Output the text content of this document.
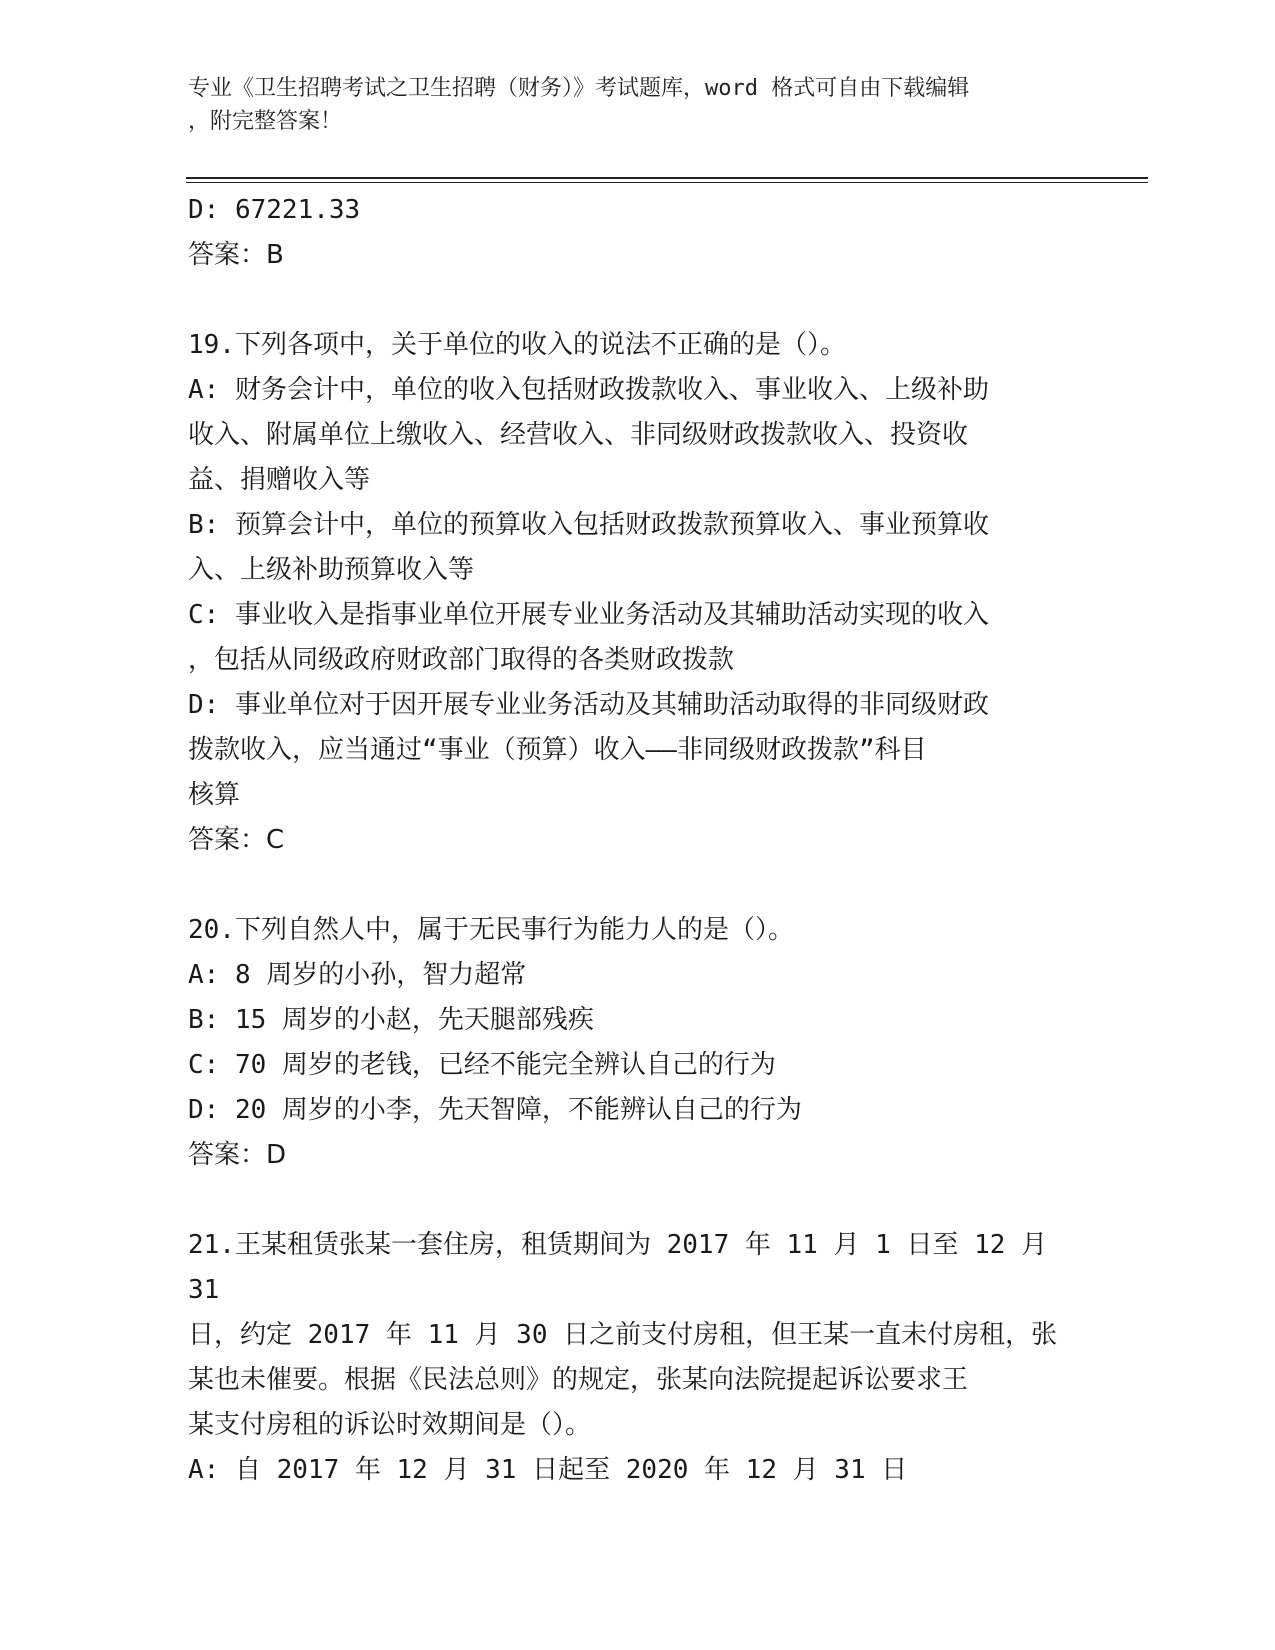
专业《卫生招聘考试之卫生招聘（财务）》考试题库，word 格式可自由下载编辑
，附完整答案！

D: 67221.33

答案：B

19.下列各项中，关于单位的收入的说法不正确的是（）。

A: 财务会计中，单位的收入包括财政拨款收入、事业收入、上级补助

收入、附属单位上缴收入、经营收入、非同级财政拨款收入、投资收

益、捐赠收入等

B: 预算会计中，单位的预算收入包括财政拨款预算收入、事业预算收

入、上级补助预算收入等

C: 事业收入是指事业单位开展专业业务活动及其辅助活动实现的收入

，包括从同级政府财政部门取得的各类财政拨款

D: 事业单位对于因开展专业业务活动及其辅助活动取得的非同级财政

拨款收入，应当通过“事业（预算）收入——非同级财政拨款”科目

核算

答案：C

20.下列自然人中，属于无民事行为能力人的是（）。

A: 8 周岁的小孙，智力超常

B: 15 周岁的小赵，先天腿部残疾

C: 70 周岁的老钱，已经不能完全辨认自己的行为

D: 20 周岁的小李，先天智障，不能辨认自己的行为

答案：D

21.王某租赁张某一套住房，租赁期间为 2017 年 11 月 1 日至 12 月 31

日，约定 2017 年 11 月 30 日之前支付房租，但王某一直未付房租，张

某也未催要。根据《民法总则》的规定，张某向法院提起诉讼要求王

某支付房租的诉讼时效期间是（）。

A: 自 2017 年 12 月 31 日起至 2020 年 12 月 31 日
